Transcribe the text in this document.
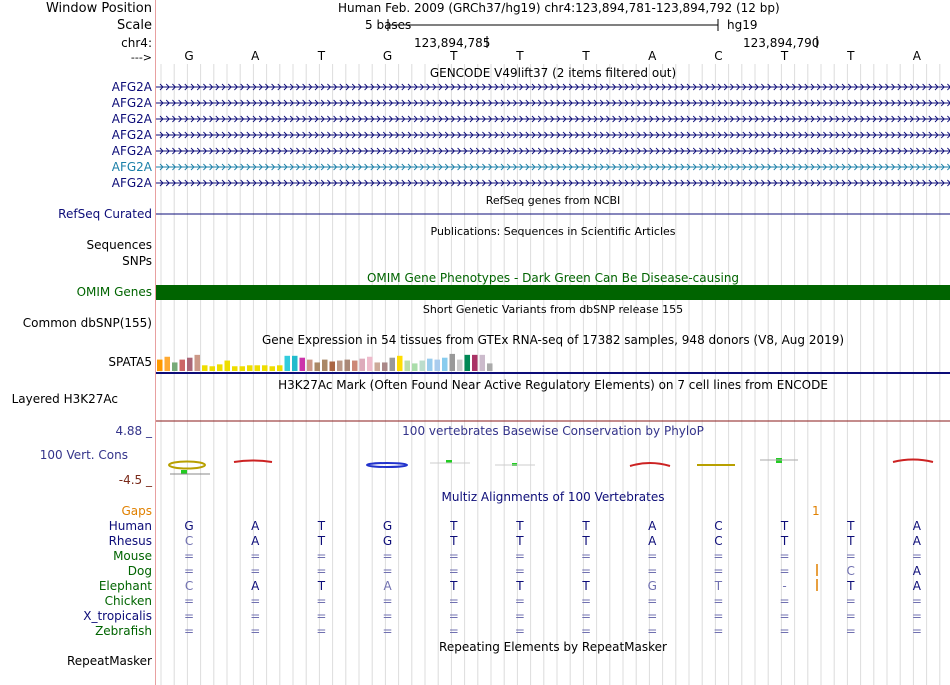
Window Position
Scale
chr4:
--->
Human Feb. 2009 (GRCh37/hg19) chr4:123,894,781-123,894,792 (12 bp)
5 bases	hg19
123,894,785	123,894,790
G	A	T	G	T	T	T	A	C	T	T	A
GENCODE V49lift37 (2 items filtered out)
AFG2A
AFG2A
AFG2A
AFG2A
AFG2A
AFG2A
AFG2A
RefSeq genes from NCBI
RefSeq Curated
Publications: Sequences in Scientific Articles
Sequences
SNPs
OMIM Gene Phenotypes - Dark Green Can Be Disease-causing
OMIM Genes
Short Genetic Variants from dbSNP release 155
Common dbSNP(155)
Gene Expression in 54 tissues from GTEx RNA-seq of 17382 samples, 948 donors (V8, Aug 2019)
SPATA5
H3K27Ac Mark (Often Found Near Active Regulatory Elements) on 7 cell lines from ENCODE
Layered H3K27Ac
100 vertebrates Basewise Conservation by PhyloP
4.88 _
100 Vert. Cons
-4.5 _
Multiz Alignments of 100 Vertebrates
Gaps	1
Human	G	A	T	G	T	T	T	A	C	T	T	A
Rhesus	C	A	T	G	T	T	T	A	C	T	T	A
Mouse	=	=	=	=	=	=	=	=	=	=	=	=
Dog	=	=	=	=	=	=	=	=	=	=	C	A
Elephant	C	A	T	A	T	T	T	G	T	-	T	A
Chicken	=	=	=	=	=	=	=	=	=	=	=	=
X_tropicalis	=	=	=	=	=	=	=	=	=	=	=	=
Zebrafish	=	=	=	=	=	=	=	=	=	=	=	=
Repeating Elements by RepeatMasker
RepeatMasker
